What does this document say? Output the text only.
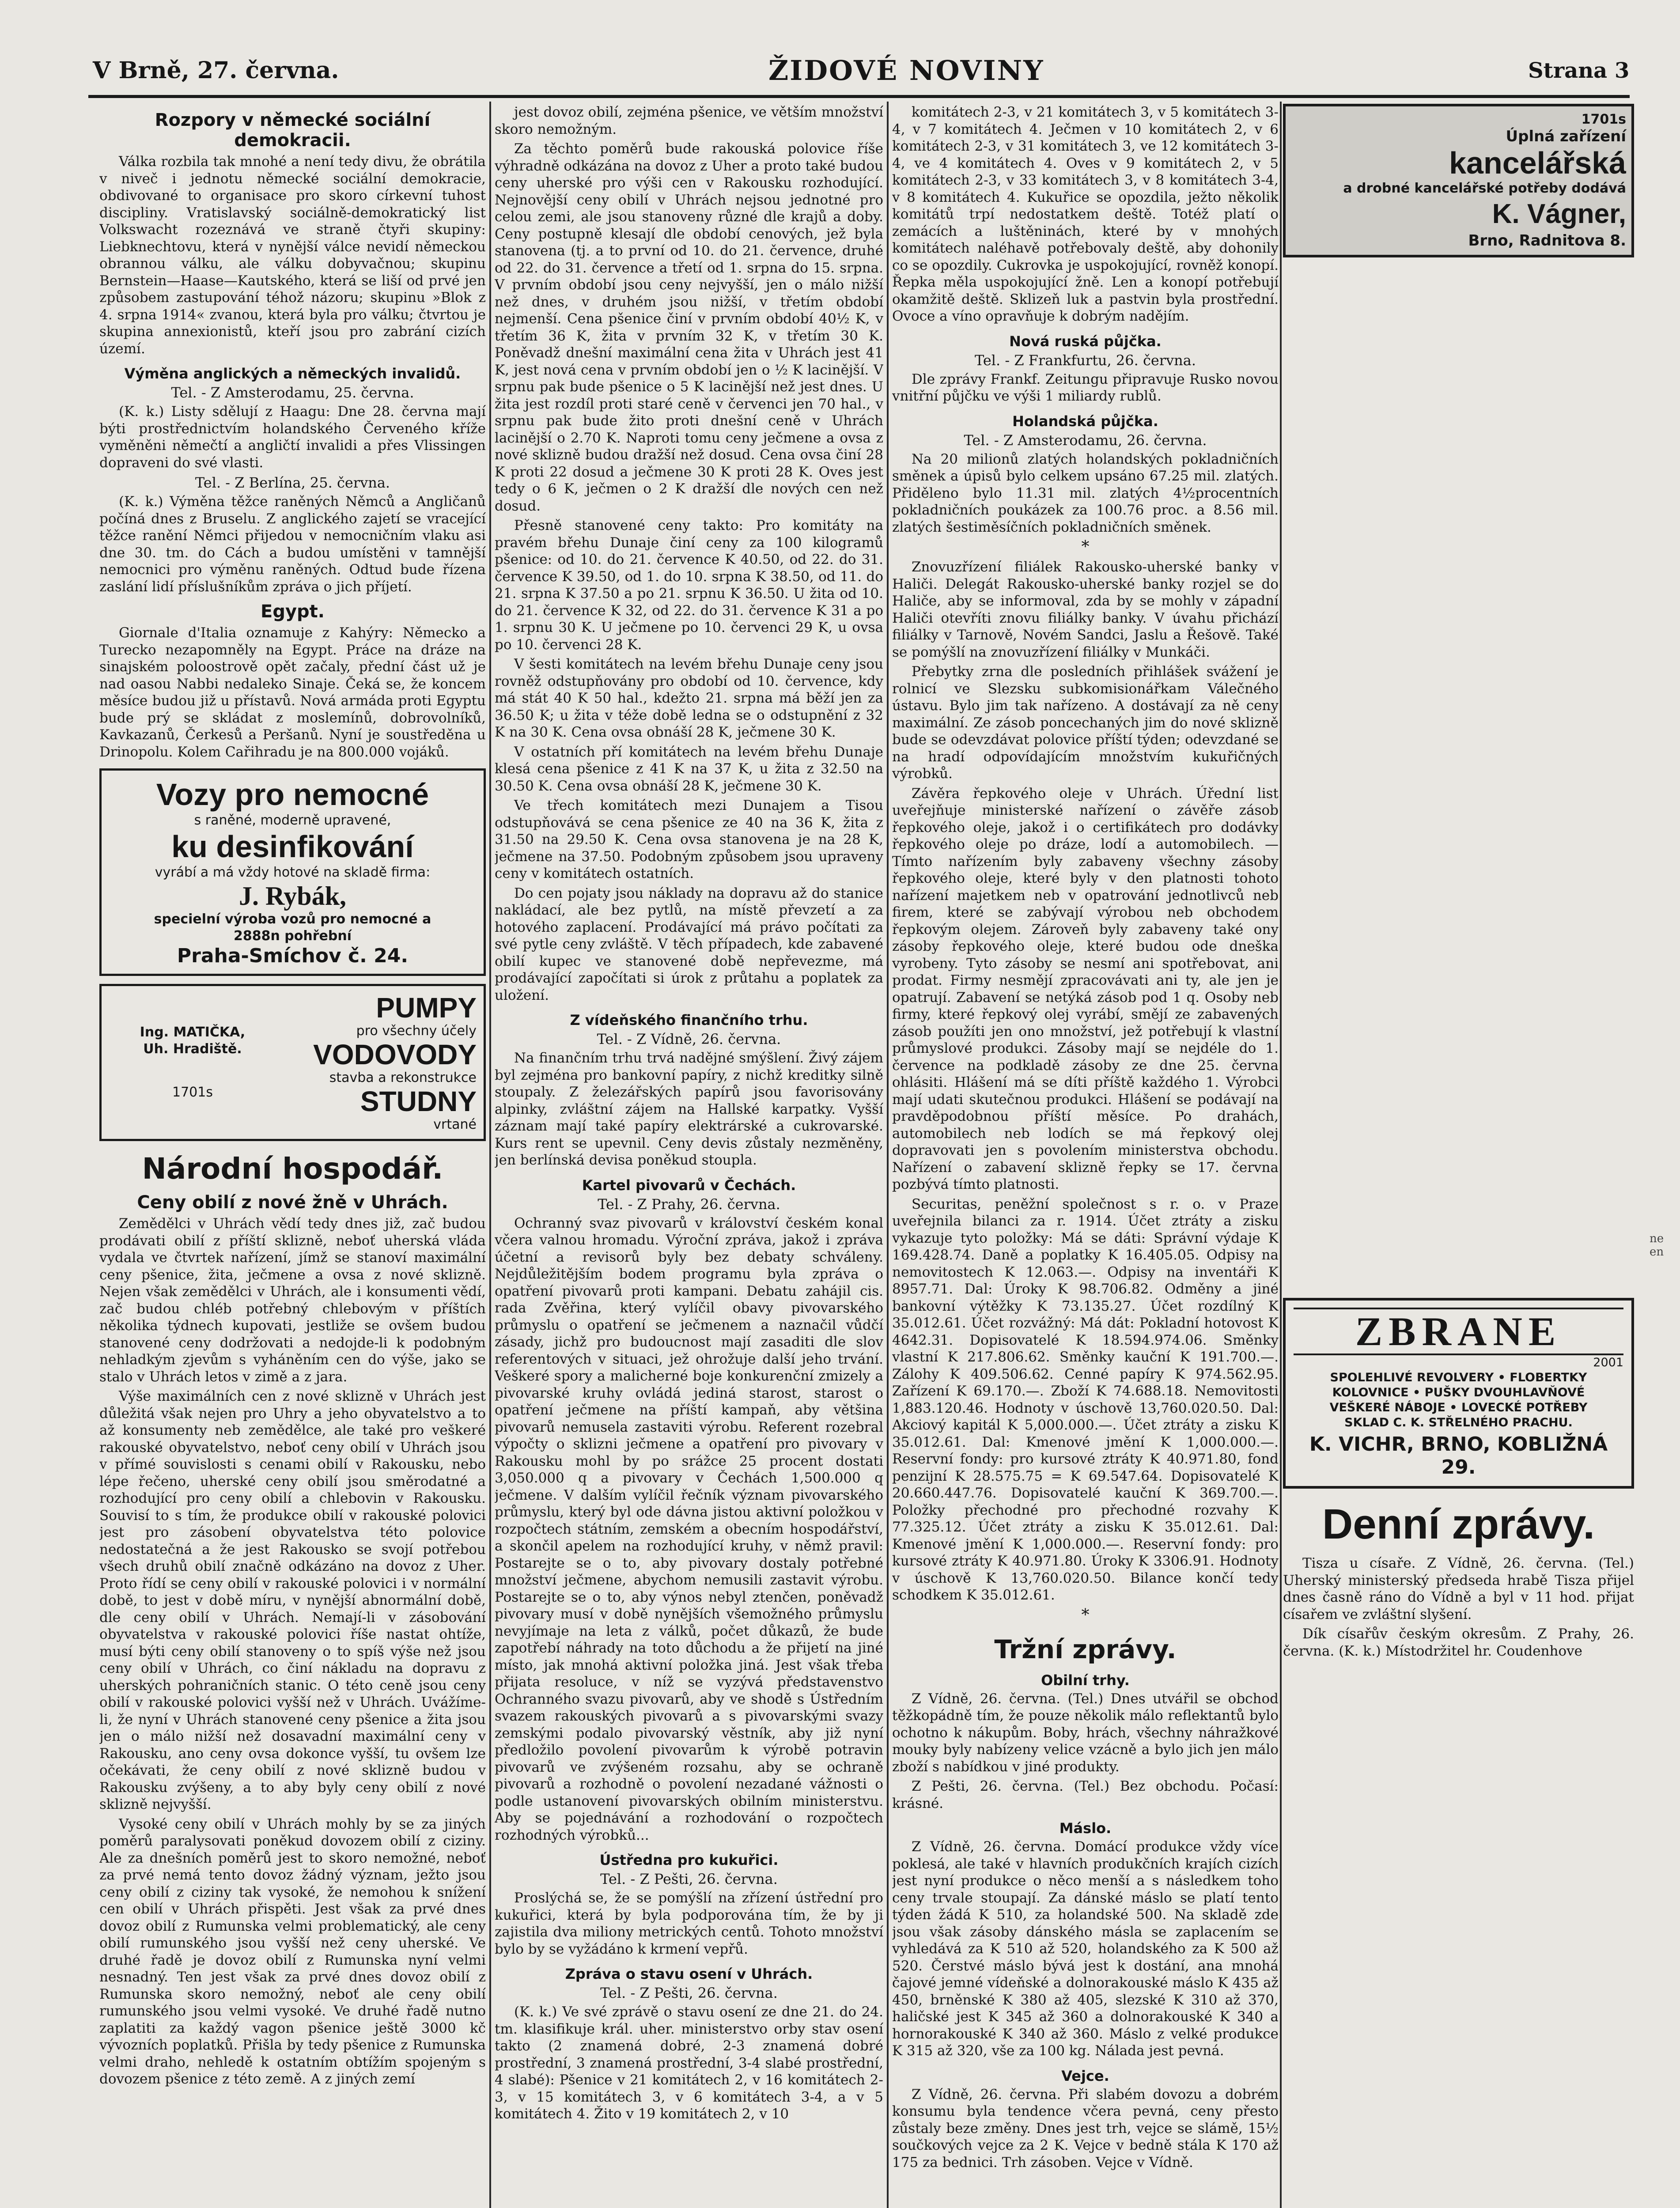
V Brně, 27. června.	ŽIDOVÉ NOVINY	Strana 3
Rozpory v německé sociální demokracii.

Válka rozbila tak mnohé a není tedy divu, že obrátila v niveč i jednotu německé sociální demokracie, obdivované to organisace pro skoro církevní tuhost discipliny. Vratislavský sociálně-demokratický list Volkswacht rozeznává ve straně čtyři skupiny: Liebknechtovu, která v nynější válce nevidí německou obrannou válku, ale válku dobyvačnou; skupinu Bernstein—Haase—Kautského, která se liší od prvé jen způsobem zastupování téhož názoru; skupinu »Blok z 4. srpna 1914« zvanou, která byla pro válku; čtvrtou je skupina annexionistů, kteří jsou pro zabrání cizích území.

Výměna anglických a německých invalidů.
Tel. - Z Amsterodamu, 25. června.

(K. k.) Listy sdělují z Haagu: Dne 28. června mají býti prostřednictvím holandského Červeného kříže vyměněni němečtí a angličtí invalidi a přes Vlissingen dopraveni do své vlasti.

Tel. - Z Berlína, 25. června.

(K. k.) Výměna těžce raněných Němců a Angličanů počíná dnes z Bruselu. Z anglického zajetí se vracející těžce ranění Němci přijedou v nemocničním vlaku asi dne 30. tm. do Cách a budou umístěni v tamnější nemocnici pro výměnu raněných. Odtud bude řízena zaslání lidí příslušníkům zpráva o jich příjetí.

Egypt.

Giornale d'Italia oznamuje z Kahýry: Německo a Turecko nezapomněly na Egypt. Práce na dráze na sinajském poloostrově opět začaly, přední část už je nad oasou Nabbi nedaleko Sinaje. Čeká se, že koncem měsíce budou již u přístavů. Nová armáda proti Egyptu bude prý se skládat z moslemínů, dobrovolníků, Kavkazanů, Čerkesů a Peršanů. Nyní je soustředěna u Drinopolu. Kolem Cařihradu je na 800.000 vojáků.

Vozy pro nemocné
s raněné, moderně upravené,
ku desinfikování
vyrábí a má vždy hotové na skladě firma:
J. Rybák,
specielní výroba vozů pro nemocné a
2888n pohřební
Praha-Smíchov č. 24.
Ing. MATIČKA,
Uh. Hradiště.
1701s
PUMPY
pro všechny účely
VODOVODY
stavba a rekonstrukce
STUDNY
vrtané
Národní hospodář.
Ceny obilí z nové žně v Uhrách.

Zemědělci v Uhrách vědí tedy dnes již, zač budou prodávati obilí z příští sklizně, neboť uherská vláda vydala ve čtvrtek nařízení, jímž se stanoví maximální ceny pšenice, žita, ječmene a ovsa z nové sklizně. Nejen však zemědělci v Uhrách, ale i konsumenti vědí, zač budou chléb potřebný chlebovým v příštích několika týdnech kupovati, jestliže se ovšem budou stanovené ceny dodržovati a nedojde-li k podobným nehladkým zjevům s vyháněním cen do výše, jako se stalo v Uhrách letos v zimě a z jara.

Výše maximálních cen z nové sklizně v Uhrách jest důležitá však nejen pro Uhry a jeho obyvatelstvo a to až konsumenty neb zemědělce, ale také pro veškeré rakouské obyvatelstvo, neboť ceny obilí v Uhrách jsou v přímé souvislosti s cenami obilí v Rakousku, nebo lépe řečeno, uherské ceny obilí jsou směrodatné a rozhodující pro ceny obilí a chlebovin v Rakousku. Souvisí to s tím, že produkce obilí v rakouské polovici jest pro zásobení obyvatelstva této polovice nedostatečná a že jest Rakousko se svojí potřebou všech druhů obilí značně odkázáno na dovoz z Uher. Proto řídí se ceny obilí v rakouské polovici i v normální době, to jest v době míru, v nynější abnormální době, dle ceny obilí v Uhrách. Nemají-li v zásobování obyvatelstva v rakouské polovici říše nastat ohtíže, musí býti ceny obilí stanoveny o to spíš výše než jsou ceny obilí v Uhrách, co činí nákladu na dopravu z uherských pohraničních stanic. O této ceně jsou ceny obilí v rakouské polovici vyšší než v Uhrách. Uvážíme-li, že nyní v Uhrách stanovené ceny pšenice a žita jsou jen o málo nižší než dosavadní maximální ceny v Rakousku, ano ceny ovsa dokonce vyšší, tu ovšem lze očekávati, že ceny obilí z nové sklizně budou v Rakousku zvýšeny, a to aby byly ceny obilí z nové sklizně nejvyšší.

Vysoké ceny obilí v Uhrách mohly by se za jiných poměrů paralysovati poněkud dovozem obilí z ciziny. Ale za dnešních poměrů jest to skoro nemožné, neboť za prvé nemá tento dovoz žádný význam, ježto jsou ceny obilí z ciziny tak vysoké, že nemohou k snížení cen obilí v Uhrách přispěti. Jest však za prvé dnes dovoz obilí z Rumunska velmi problematický, ale ceny obilí rumunského jsou vyšší než ceny uherské. Ve druhé řadě je dovoz obilí z Rumunska nyní velmi nesnadný. Ten jest však za prvé dnes dovoz obilí z Rumunska skoro nemožný, neboť ale ceny obilí rumunského jsou velmi vysoké. Ve druhé řadě nutno zaplatiti za každý vagon pšenice ještě 3000 kč vývozních poplatků. Přišla by tedy pšenice z Rumunska velmi draho, nehledě k ostatním obtížím spojeným s dovozem pšenice z této země. A z jiných zemí

jest dovoz obilí, zejména pšenice, ve větším množství skoro nemožným.

Za těchto poměrů bude rakouská polovice říše výhradně odkázána na dovoz z Uher a proto také budou ceny uherské pro výši cen v Rakousku rozhodující. Nejnovější ceny obilí v Uhrách nejsou jednotné pro celou zemi, ale jsou stanoveny různé dle krajů a doby. Ceny postupně klesají dle období cenových, jež byla stanovena (tj. a to první od 10. do 21. července, druhé od 22. do 31. července a třetí od 1. srpna do 15. srpna. V prvním období jsou ceny nejvyšší, jen o málo nižší než dnes, v druhém jsou nižší, v třetím období nejmenší. Cena pšenice činí v prvním období 40½ K, v třetím 36 K, žita v prvním 32 K, v třetím 30 K. Poněvadž dnešní maximální cena žita v Uhrách jest 41 K, jest nová cena v prvním období jen o ½ K lacinější. V srpnu pak bude pšenice o 5 K lacinější než jest dnes. U žita jest rozdíl proti staré ceně v červenci jen 70 hal., v srpnu pak bude žito proti dnešní ceně v Uhrách lacinější o 2.70 K. Naproti tomu ceny ječmene a ovsa z nové sklizně budou dražší než dosud. Cena ovsa činí 28 K proti 22 dosud a ječmene 30 K proti 28 K. Oves jest tedy o 6 K, ječmen o 2 K dražší dle nových cen než dosud.

Přesně stanovené ceny takto: Pro komitáty na pravém břehu Dunaje činí ceny za 100 kilogramů pšenice: od 10. do 21. července K 40.50, od 22. do 31. července K 39.50, od 1. do 10. srpna K 38.50, od 11. do 21. srpna K 37.50 a po 21. srpnu K 36.50. U žita od 10. do 21. července K 32, od 22. do 31. července K 31 a po 1. srpnu 30 K. U ječmene po 10. červenci 29 K, u ovsa po 10. červenci 28 K.

V šesti komitátech na levém břehu Dunaje ceny jsou rovněž odstupňovány pro období od 10. července, kdy má stát 40 K 50 hal., kdežto 21. srpna má běží jen za 36.50 K; u žita v téže době ledna se o odstupnění z 32 K na 30 K. Cena ovsa obnáší 28 K, ječmene 30 K.

V ostatních pří komitátech na levém břehu Dunaje klesá cena pšenice z 41 K na 37 K, u žita z 32.50 na 30.50 K. Cena ovsa obnáší 28 K, ječmene 30 K.

Ve třech komitátech mezi Dunajem a Tisou odstupňovává se cena pšenice ze 40 na 36 K, žita z 31.50 na 29.50 K. Cena ovsa stanovena je na 28 K, ječmene na 37.50. Podobným způsobem jsou upraveny ceny v komitátech ostatních.

Do cen pojaty jsou náklady na dopravu až do stanice nakládací, ale bez pytlů, na místě převzetí a za hotového zaplacení. Prodávající má právo počítati za své pytle ceny zvláště. V těch případech, kde zabavené obilí kupec ve stanovené době nepřevezme, má prodávající započítati si úrok z průtahu a poplatek za uložení.

Z vídeňského finančního trhu.
Tel. - Z Vídně, 26. června.

Na finančním trhu trvá nadějné smýšlení. Živý zájem byl zejména pro bankovní papíry, z nichž kreditky silně stoupaly. Z železářských papírů jsou favorisovány alpinky, zvláštní zájem na Hallské karpatky. Vyšší záznam mají také papíry elektrárské a cukrovarské. Kurs rent se upevnil. Ceny devis zůstaly nezměněny, jen berlínská devisa poněkud stoupla.

Kartel pivovarů v Čechách.
Tel. - Z Prahy, 26. června.

Ochranný svaz pivovarů v království českém konal včera valnou hromadu. Výroční zpráva, jakož i zpráva účetní a revisorů byly bez debaty schváleny. Nejdůležitějším bodem programu byla zpráva o opatření pivovarů proti kampani. Debatu zahájil cis. rada Zvěřina, který vylíčil obavy pivovarského průmyslu o opatření se ječmenem a naznačil vůdčí zásady, jichž pro budoucnost mají zasaditi dle slov referentových v situaci, jež ohrožuje další jeho trvání. Veškeré spory a malicherné boje konkurenční zmizely a pivovarské kruhy ovládá jediná starost, starost o opatření ječmene na příští kampaň, aby většina pivovarů nemusela zastaviti výrobu. Referent rozebral výpočty o sklizni ječmene a opatření pro pivovary v Rakousku mohl by po srážce 25 procent dostati 3,050.000 q a pivovary v Čechách 1,500.000 q ječmene. V dalším vylíčil řečník význam pivovarského průmyslu, který byl ode dávna jistou aktivní položkou v rozpočtech státním, zemském a obecním hospodářství, a skončil apelem na rozhodující kruhy, v němž pravil: Postarejte se o to, aby pivovary dostaly potřebné množství ječmene, abychom nemusili zastavit výrobu. Postarejte se o to, aby výnos nebyl ztenčen, poněvadž pivovary musí v době nynějších všemožného průmyslu nevyjímaje na leta z válků, počet důkazů, že bude zapotřebí náhrady na toto důchodu a že přijetí na jiné místo, jak mnohá aktivní položka jiná. Jest však třeba přijata resoluce, v níž se vyzývá představenstvo Ochranného svazu pivovarů, aby ve shodě s Ústředním svazem rakouských pivovarů a s pivovarskými svazy zemskými podalo pivovarský věstník, aby již nyní předložilo povolení pivovarům k výrobě potravin pivovarů ve zvýšeném rozsahu, aby se ochraně pivovarů a rozhodně o povolení nezadané vážnosti o podle ustanovení pivovarských obilním ministerstvu. Aby se pojednávání a rozhodování o rozpočtech rozhodných výrobků...

Ústředna pro kukuřici.
Tel. - Z Pešti, 26. června.

Proslýchá se, že se pomýšlí na zřízení ústřední pro kukuřici, která by byla podporována tím, že by ji zajistila dva miliony metrických centů. Tohoto množství bylo by se vyžádáno k krmení vepřů.

Zpráva o stavu osení v Uhrách.
Tel. - Z Pešti, 26. června.

(K. k.) Ve své zprávě o stavu osení ze dne 21. do 24. tm. klasifikuje král. uher. ministerstvo orby stav osení takto (2 znamená dobré, 2-3 znamená dobré prostřední, 3 znamená prostřední, 3-4 slabé prostřední, 4 slabé): Pšenice v 21 komitátech 2, v 16 komitátech 2-3, v 15 komitátech 3, v 6 komitátech 3-4, a v 5 komitátech 4. Žito v 19 komitátech 2, v 10

komitátech 2-3, v 21 komitátech 3, v 5 komitátech 3-4, v 7 komitátech 4. Ječmen v 10 komitátech 2, v 6 komitátech 2-3, v 31 komitátech 3, ve 12 komitátech 3-4, ve 4 komitátech 4. Oves v 9 komitátech 2, v 5 komitátech 2-3, v 33 komitátech 3, v 8 komitátech 3-4, v 8 komitátech 4. Kukuřice se opozdila, ježto několik komitátů trpí nedostatkem deště. Totéž platí o zemácích a luštěninách, které by v mnohých komitátech naléhavě potřebovaly deště, aby dohonily co se opozdily. Cukrovka je uspokojující, rovněž konopí. Řepka měla uspokojující žně. Len a konopí potřebují okamžitě deště. Sklizeň luk a pastvin byla prostřední. Ovoce a víno opravňuje k dobrým nadějím.

Nová ruská půjčka.
Tel. - Z Frankfurtu, 26. června.

Dle zprávy Frankf. Zeitungu připravuje Rusko novou vnitřní půjčku ve výši 1 miliardy rublů.

Holandská půjčka.
Tel. - Z Amsterodamu, 26. června.

Na 20 milionů zlatých holandských pokladničních směnek a úpisů bylo celkem upsáno 67.25 mil. zlatých. Přiděleno bylo 11.31 mil. zlatých 4½procentních pokladničních poukázek za 100.76 proc. a 8.56 mil. zlatých šestiměsíčních pokladničních směnek.

*

Znovuzřízení filiálek Rakousko-uherské banky v Haliči. Delegát Rakousko-uherské banky rozjel se do Haliče, aby se informoval, zda by se mohly v západní Haliči otevříti znovu filiálky banky. V úvahu přichází filiálky v Tarnově, Novém Sandci, Jaslu a Řešově. Také se pomýšlí na znovuzřízení filiálky v Munkáči.

Přebytky zrna dle posledních přihlášek svážení je rolnicí ve Slezsku subkomisionářkam Válečného ústavu. Bylo jim tak nařízeno. A dostávají za ně ceny maximální. Ze zásob poncechaných jim do nové sklizně bude se odevzdávat polovice příští týden; odevzdané se na hradí odpovídajícím množstvím kukuřičných výrobků.

Závěra řepkového oleje v Uhrách. Úřední list uveřejňuje ministerské nařízení o závěře zásob řepkového oleje, jakož i o certifikátech pro dodávky řepkového oleje po dráze, lodí a automobilech. — Tímto nařízením byly zabaveny všechny zásoby řepkového oleje, které byly v den platnosti tohoto nařízení majetkem neb v opatrování jednotlivců neb firem, které se zabývají výrobou neb obchodem řepkovým olejem. Zároveň byly zabaveny také ony zásoby řepkového oleje, které budou ode dneška vyrobeny. Tyto zásoby se nesmí ani spotřebovat, ani prodat. Firmy nesmějí zpracovávati ani ty, ale jen je opatrují. Zabavení se netýká zásob pod 1 q. Osoby neb firmy, které řepkový olej vyrábí, smějí ze zabavených zásob použíti jen ono množství, jež potřebují k vlastní průmyslové produkci. Zásoby mají se nejdéle do 1. července na podkladě zásoby ze dne 25. června ohlásiti. Hlášení má se díti příště každého 1. Výrobci mají udati skutečnou produkci. Hlášení se podávají na pravděpodobnou příští měsíce. Po drahách, automobilech neb lodích se má řepkový olej dopravovati jen s povolením ministerstva obchodu. Nařízení o zabavení sklizně řepky se 17. června pozbývá tímto platnosti.

Securitas, peněžní společnost s r. o. v Praze uveřejnila bilanci za r. 1914. Účet ztráty a zisku vykazuje tyto položky: Má se dáti: Správní výdaje K 169.428.74. Daně a poplatky K 16.405.05. Odpisy na nemovitostech K 12.063.—. Odpisy na inventáři K 8957.71. Dal: Úroky K 98.706.82. Odměny a jiné bankovní výtěžky K 73.135.27. Účet rozdílný K 35.012.61. Účet rozvážný: Má dát: Pokladní hotovost K 4642.31. Dopisovatelé K 18.594.974.06. Směnky vlastní K 217.806.62. Směnky kauční K 191.700.—. Zálohy K 409.506.62. Cenné papíry K 974.562.95. Zařízení K 69.170.—. Zboží K 74.688.18. Nemovitosti 1,883.120.46. Hodnoty v úschově 13,760.020.50. Dal: Akciový kapitál K 5,000.000.—. Účet ztráty a zisku K 35.012.61. Dal: Kmenové jmění K 1,000.000.—. Reservní fondy: pro kursové ztráty K 40.971.80, fond penzijní K 28.575.75 = K 69.547.64. Dopisovatelé K 20.660.447.76. Dopisovatelé kauční K 369.700.—. Položky přechodné pro přechodné rozvahy K 77.325.12. Účet ztráty a zisku K 35.012.61. Dal: Kmenové jmění K 1,000.000.—. Reservní fondy: pro kursové ztráty K 40.971.80. Úroky K 3306.91. Hodnoty v úschově K 13,760.020.50. Bilance končí tedy schodkem K 35.012.61.

*
Tržní zprávy.
Obilní trhy.

Z Vídně, 26. června. (Tel.) Dnes utvářil se obchod těžkopádně tím, že pouze několik málo reflektantů bylo ochotno k nákupům. Boby, hrách, všechny náhražkové mouky byly nabízeny velice vzácně a bylo jich jen málo zboží s nabídkou v jiné produkty.

Z Pešti, 26. června. (Tel.) Bez obchodu. Počasí: krásné.

Máslo.

Z Vídně, 26. června. Domácí produkce vždy více poklesá, ale také v hlavních produkčních krajích cizích jest nyní produkce o něco menší a s následkem toho ceny trvale stoupají. Za dánské máslo se platí tento týden žádá K 510, za holandské 500. Na skladě zde jsou však zásoby dánského másla se zaplacením se vyhledává za K 510 až 520, holandského za K 500 až 520. Čerstvé máslo bývá jest k dostání, ana mnohá čajové jemné vídeňské a dolnorakouské máslo K 435 až 450, brněnské K 380 až 405, slezské K 310 až 370, haličské jest K 345 až 360 a dolnorakouské K 340 a hornorakouské K 340 až 360. Máslo z velké produkce K 315 až 320, vše za 100 kg. Nálada jest pevná.

Vejce.

Z Vídně, 26. června. Při slabém dovozu a dobrém konsumu byla tendence včera pevná, ceny přesto zůstaly beze změny. Dnes jest trh, vejce se slámě, 15½ součkových vejce za 2 K. Vejce v bedně stála K 170 až 175 za bednici. Trh zásoben. Vejce v Vídně.

1701s
Úplná zařízení
kancelářská
a drobné kancelářské potřeby dodává
K. Vágner,
Brno, Radnitova 8.
ZBRANE
2001
SPOLEHLIVÉ REVOLVERY • FLOBERTKY
KOLOVNICE • PUŠKY DVOUHLAVŇOVÉ
VEŠKERÉ NÁBOJE • LOVECKÉ POTŘEBY
SKLAD C. K. STŘELNÉHO PRACHU.
K. VICHR, BRNO, KOBLIŽNÁ 29.
Denní zprávy.

Tisza u císaře. Z Vídně, 26. června. (Tel.) Uherský ministerský předseda hrabě Tisza přijel dnes časně ráno do Vídně a byl v 11 hod. přijat císařem ve zvláštní slyšení.

Dík císařův českým okresům. Z Prahy, 26. června. (K. k.) Místodržitel hr. Coudenhove

ne en
